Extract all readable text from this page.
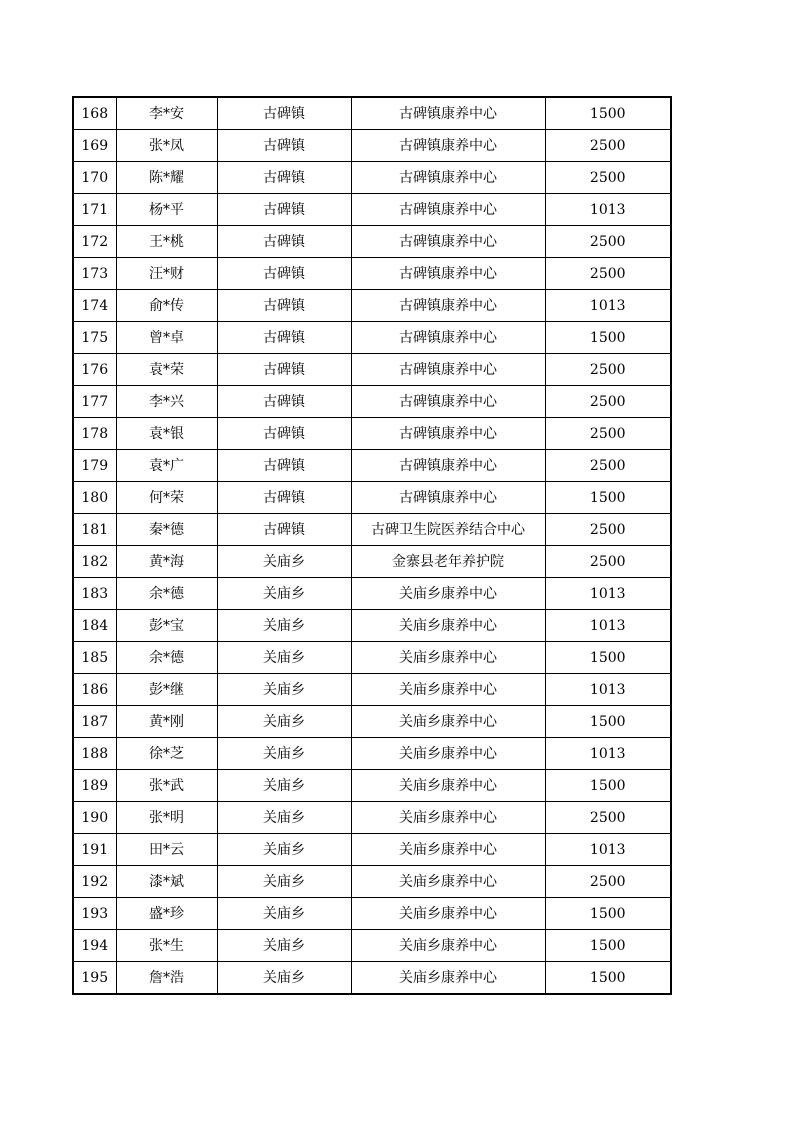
168	李*安	古碑镇	古碑镇康养中心	1500
169	张*凤	古碑镇	古碑镇康养中心	2500
170	陈*耀	古碑镇	古碑镇康养中心	2500
171	杨*平	古碑镇	古碑镇康养中心	1013
172	王*桃	古碑镇	古碑镇康养中心	2500
173	汪*财	古碑镇	古碑镇康养中心	2500
174	俞*传	古碑镇	古碑镇康养中心	1013
175	曾*卓	古碑镇	古碑镇康养中心	1500
176	袁*荣	古碑镇	古碑镇康养中心	2500
177	李*兴	古碑镇	古碑镇康养中心	2500
178	袁*银	古碑镇	古碑镇康养中心	2500
179	袁*广	古碑镇	古碑镇康养中心	2500
180	何*荣	古碑镇	古碑镇康养中心	1500
181	秦*德	古碑镇	古碑卫生院医养结合中心	2500
182	黄*海	关庙乡	金寨县老年养护院	2500
183	余*德	关庙乡	关庙乡康养中心	1013
184	彭*宝	关庙乡	关庙乡康养中心	1013
185	余*德	关庙乡	关庙乡康养中心	1500
186	彭*继	关庙乡	关庙乡康养中心	1013
187	黄*刚	关庙乡	关庙乡康养中心	1500
188	徐*芝	关庙乡	关庙乡康养中心	1013
189	张*武	关庙乡	关庙乡康养中心	1500
190	张*明	关庙乡	关庙乡康养中心	2500
191	田*云	关庙乡	关庙乡康养中心	1013
192	漆*斌	关庙乡	关庙乡康养中心	2500
193	盛*珍	关庙乡	关庙乡康养中心	1500
194	张*生	关庙乡	关庙乡康养中心	1500
195	詹*浩	关庙乡	关庙乡康养中心	1500
